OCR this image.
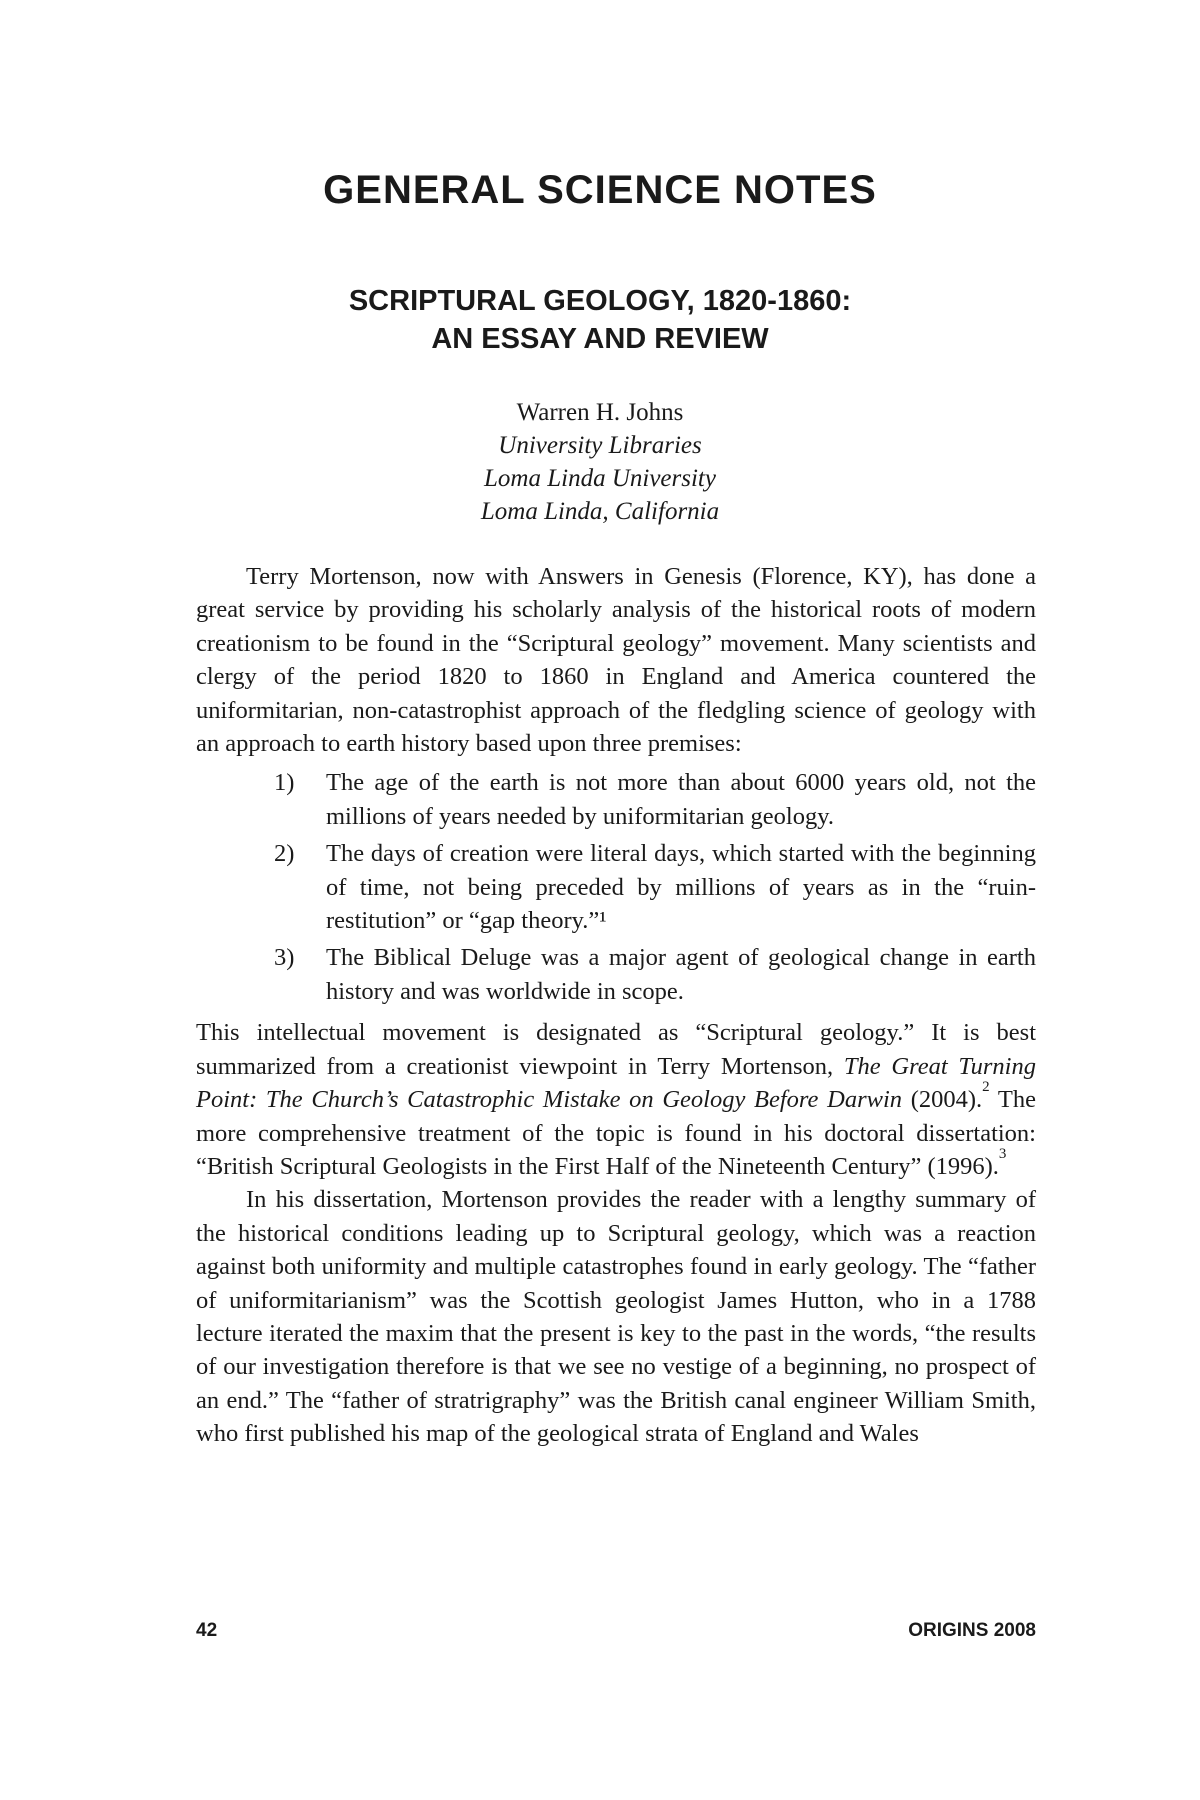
GENERAL SCIENCE NOTES
SCRIPTURAL GEOLOGY, 1820-1860:
AN ESSAY AND REVIEW
Warren H. Johns
University Libraries
Loma Linda University
Loma Linda, California

Terry Mortenson, now with Answers in Genesis (Florence, KY), has done a great service by providing his scholarly analysis of the historical roots of modern creationism to be found in the “Scriptural geology” movement. Many scientists and clergy of the period 1820 to 1860 in England and America countered the uniformitarian, non-catastrophist approach of the fledgling science of geology with an approach to earth history based upon three premises:

1) The age of the earth is not more than about 6000 years old, not the millions of years needed by uniformitarian geology.
2) The days of creation were literal days, which started with the beginning of time, not being preceded by millions of years as in the “ruin-restitution” or “gap theory.”¹
3) The Biblical Deluge was a major agent of geological change in earth history and was worldwide in scope.

This intellectual movement is designated as “Scriptural geology.” It is best summarized from a creationist viewpoint in Terry Mortenson, The Great Turning Point: The Church’s Catastrophic Mistake on Geology Before Darwin (2004).$^2$ The more comprehensive treatment of the topic is found in his doctoral dissertation: “British Scriptural Geologists in the First Half of the Nineteenth Century” (1996).$^3$

In his dissertation, Mortenson provides the reader with a lengthy summary of the historical conditions leading up to Scriptural geology, which was a reaction against both uniformity and multiple catastrophes found in early geology. The “father of uniformitarianism” was the Scottish geologist James Hutton, who in a 1788 lecture iterated the maxim that the present is key to the past in the words, “the results of our investigation therefore is that we see no vestige of a beginning, no prospect of an end.” The “father of stratrigraphy” was the British canal engineer William Smith, who first published his map of the geological strata of England and Wales

42	ORIGINS 2008
